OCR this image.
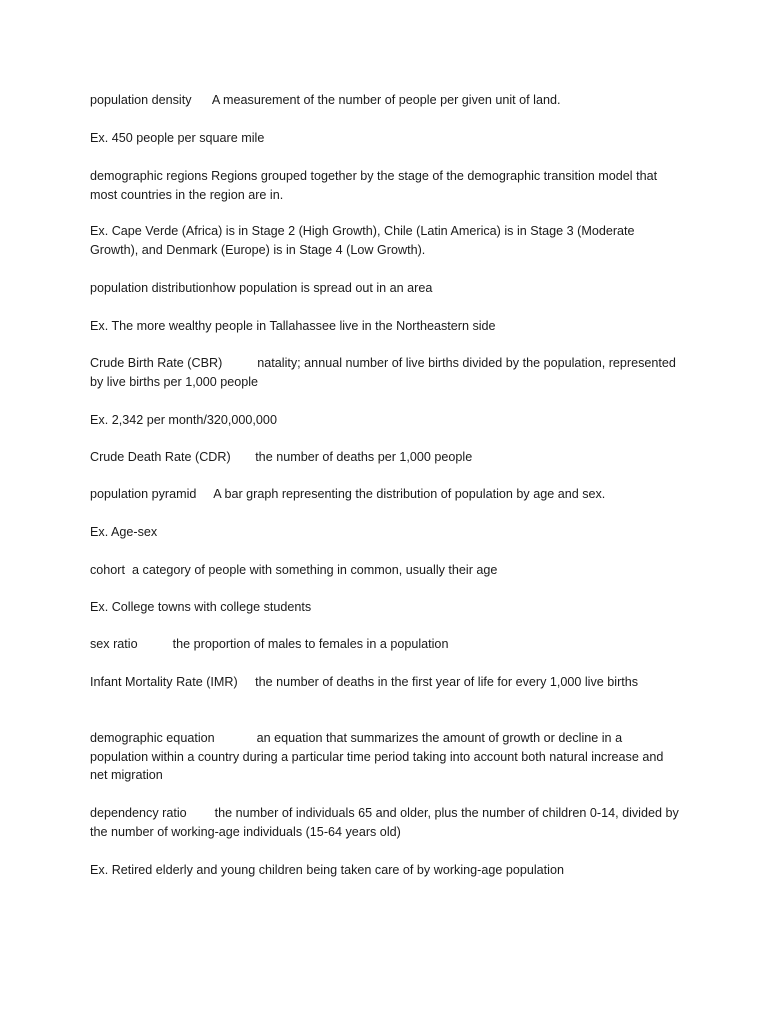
population density A measurement of the number of people per given unit of land.
Ex. 450 people per square mile
demographic regions Regions grouped together by the stage of the demographic transition model that most countries in the region are in.
Ex. Cape Verde (Africa) is in Stage 2 (High Growth), Chile (Latin America) is in Stage 3 (Moderate Growth), and Denmark (Europe) is in Stage 4 (Low Growth).
population distributionhow population is spread out in an area
Ex. The more wealthy people in Tallahassee live in the Northeastern side
Crude Birth Rate (CBR)	natality; annual number of live births divided by the population, represented by live births per 1,000 people
Ex. 2,342 per month/320,000,000
Crude Death Rate (CDR) the number of deaths per 1,000 people
population pyramid A bar graph representing the distribution of population by age and sex.
Ex. Age-sex
cohort a category of people with something in common, usually their age
Ex. College towns with college students
sex ratio	the proportion of males to females in a population
Infant Mortality Rate (IMR) the number of deaths in the first year of life for every 1,000 live births
demographic equation	an equation that summarizes the amount of growth or decline in a population within a country during a particular time period taking into account both natural increase and net migration
dependency ratio the number of individuals 65 and older, plus the number of children 0-14, divided by the number of working-age individuals (15-64 years old)
Ex. Retired elderly and young children being taken care of by working-age population
